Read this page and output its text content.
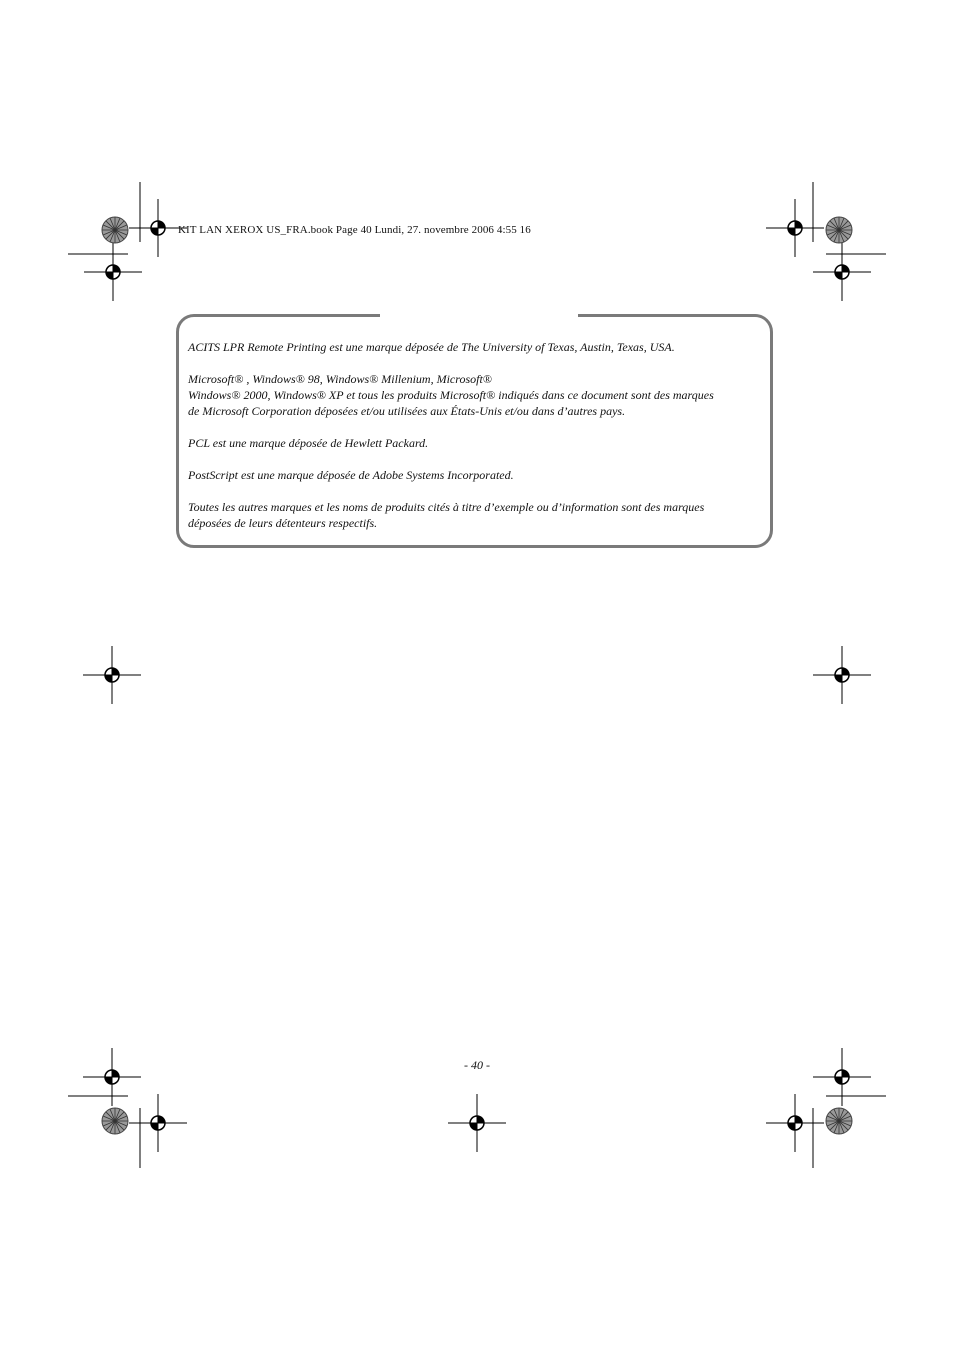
KIT LAN XEROX US_FRA.book Page 40 Lundi, 27. novembre 2006 4:55 16

ACITS LPR Remote Printing est une marque déposée de The University of Texas, Austin, Texas, USA.

Microsoft® , Windows® 98, Windows® Millenium, Microsoft®
Windows® 2000, Windows® XP et tous les produits Microsoft® indiqués dans ce document sont des marques
de Microsoft Corporation déposées et/ou utilisées aux États-Unis et/ou dans d’autres pays.

PCL est une marque déposée de Hewlett Packard.

PostScript est une marque déposée de Adobe Systems Incorporated.

Toutes les autres marques et les noms de produits cités à titre d’exemple ou d’information sont des marques
déposées de leurs détenteurs respectifs.

- 40 -
